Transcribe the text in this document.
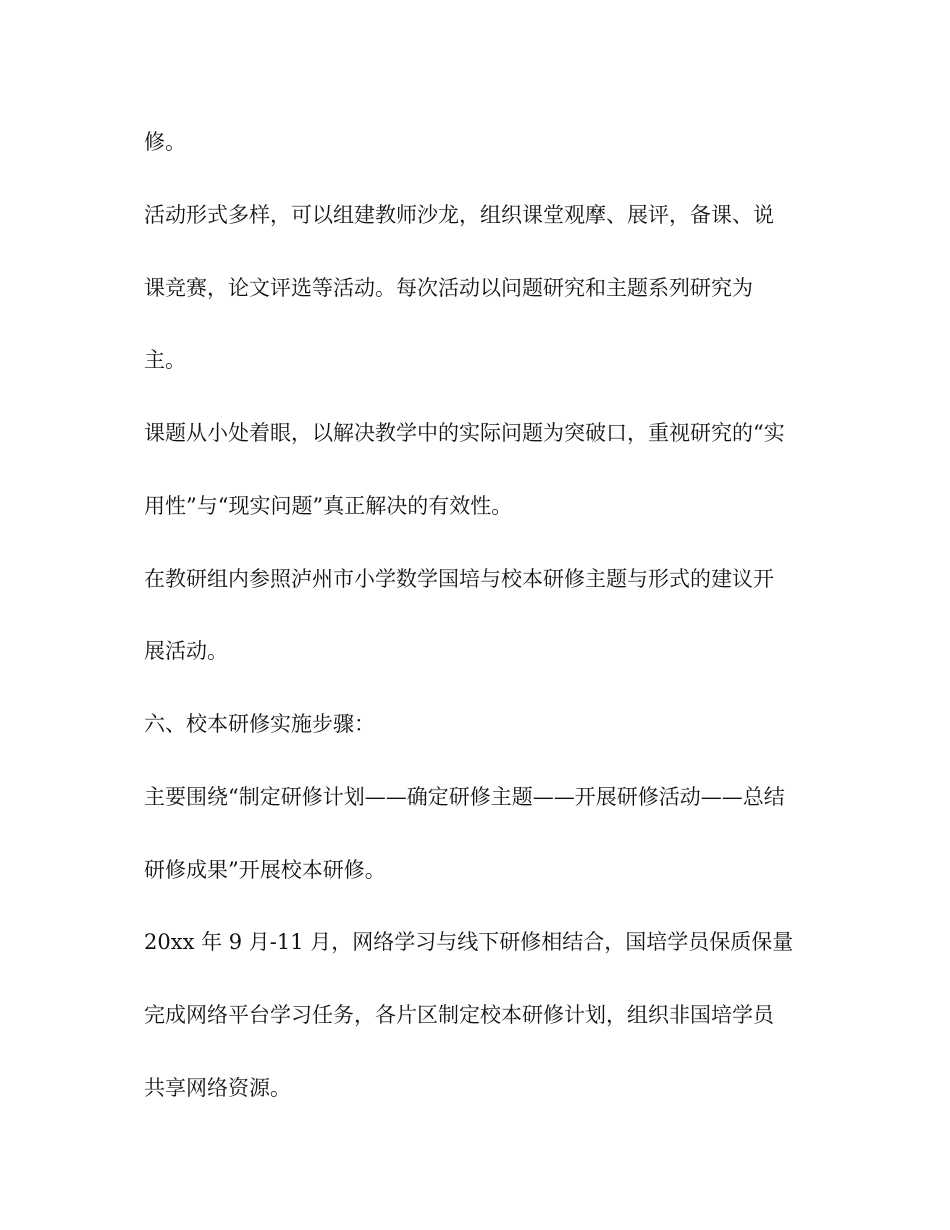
修。
活动形式多样，可以组建教师沙龙，组织课堂观摩、展评，备课、说
课竞赛，论文评选等活动。每次活动以问题研究和主题系列研究为
主。
课题从小处着眼，以解决教学中的实际问题为突破口，重视研究的“实
用性”与“现实问题”真正解决的有效性。
在教研组内参照泸州市小学数学国培与校本研修主题与形式的建议开
展活动。
六、校本研修实施步骤：
主要围绕“制定研修计划——确定研修主题——开展研修活动——总结
研修成果”开展校本研修。
20xx 年 9 月-11 月，网络学习与线下研修相结合，国培学员保质保量
完成网络平台学习任务，各片区制定校本研修计划，组织非国培学员
共享网络资源。
